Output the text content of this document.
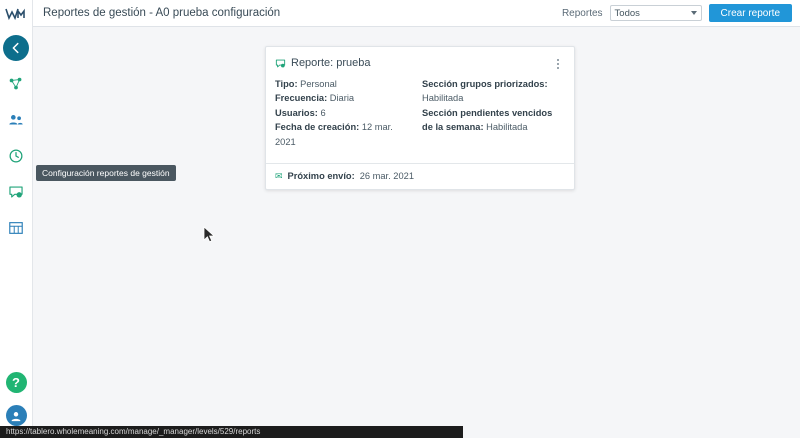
?
Reportes de gestión - A0 prueba configuración	Reportes Todos	Crear reporte
Configuración reportes de gestión
Reporte: prueba
Tipo: Personal
Frecuencia: Diaria
Usuarios: 6
Fecha de creación: 12 mar. 2021
Sección grupos priorizados: Habilitada
Sección pendientes vencidos de la semana: Habilitada
✉ Próximo envío: 26 mar. 2021
https://tablero.wholemeaning.com/manage/_manager/levels/529/reports
